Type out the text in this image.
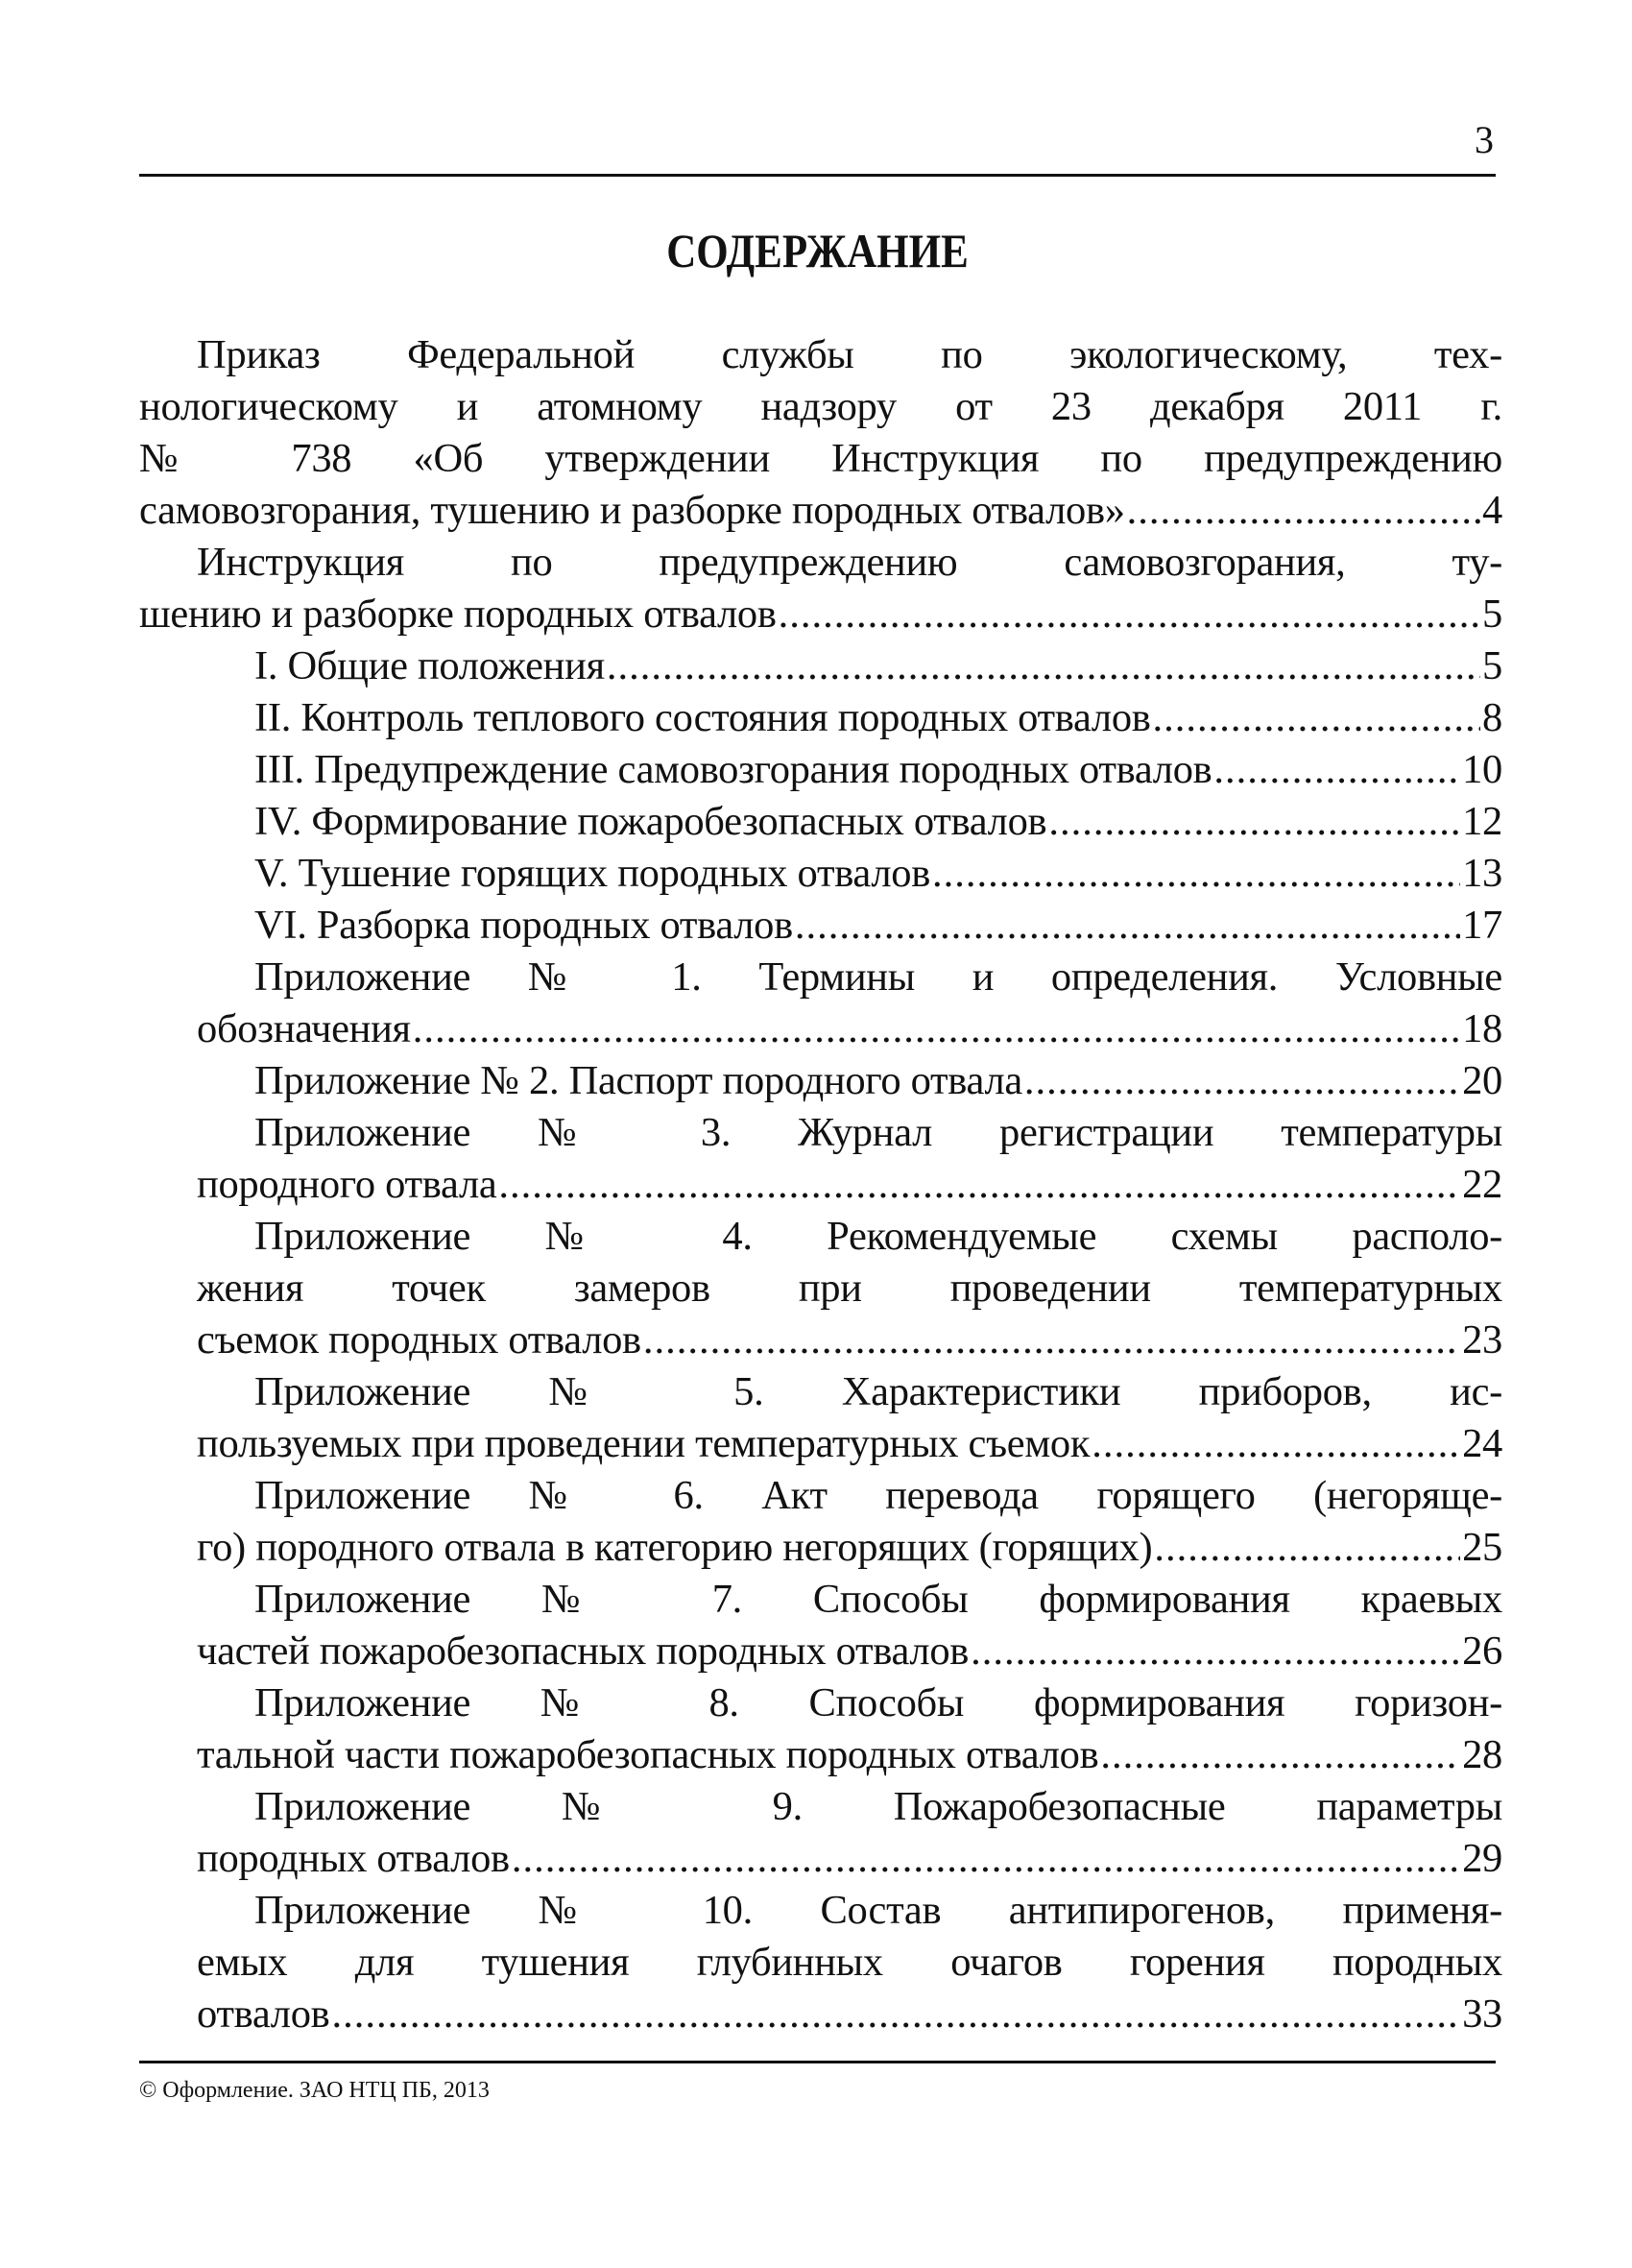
3
СОДЕРЖАНИЕ
Приказ Федеральной службы по экологическому, тех-
нологическому и атомному надзору от 23 декабря 2011 г.
№ 738 «Об утверждении Инструкция по предупреждению
самовозгорания, тушению и разборке породных отвалов» .....	4
Инструкция по предупреждению самовозгорания, ту-
шению и разборке породных отвалов .....	5
I. Общие положения .....	5
II. Контроль теплового состояния породных отвалов .....	8
III. Предупреждение самовозгорания породных отвалов .....	10
IV. Формирование пожаробезопасных отвалов .....	12
V. Тушение горящих породных отвалов .....	13
VI. Разборка породных отвалов .....	17
Приложение № 1. Термины и определения. Условные
обозначения .....	18
Приложение № 2. Паспорт породного отвала .....	20
Приложение № 3. Журнал регистрации температуры
породного отвала .....	22
Приложение № 4. Рекомендуемые схемы располо-
жения точек замеров при проведении температурных
съемок породных отвалов .....	23
Приложение № 5. Характеристики приборов, ис-
пользуемых при проведении температурных съемок .....	24
Приложение № 6. Акт перевода горящего (негоряще-
го) породного отвала в категорию негорящих (горящих) .....	25
Приложение № 7. Способы формирования краевых
частей пожаробезопасных породных отвалов .....	26
Приложение № 8. Способы формирования горизон-
тальной части пожаробезопасных породных отвалов .....	28
Приложение № 9. Пожаробезопасные параметры
породных отвалов .....	29
Приложение № 10. Состав антипирогенов, применя-
емых для тушения глубинных очагов горения породных
отвалов .....	33
© Оформление. ЗАО НТЦ ПБ, 2013
